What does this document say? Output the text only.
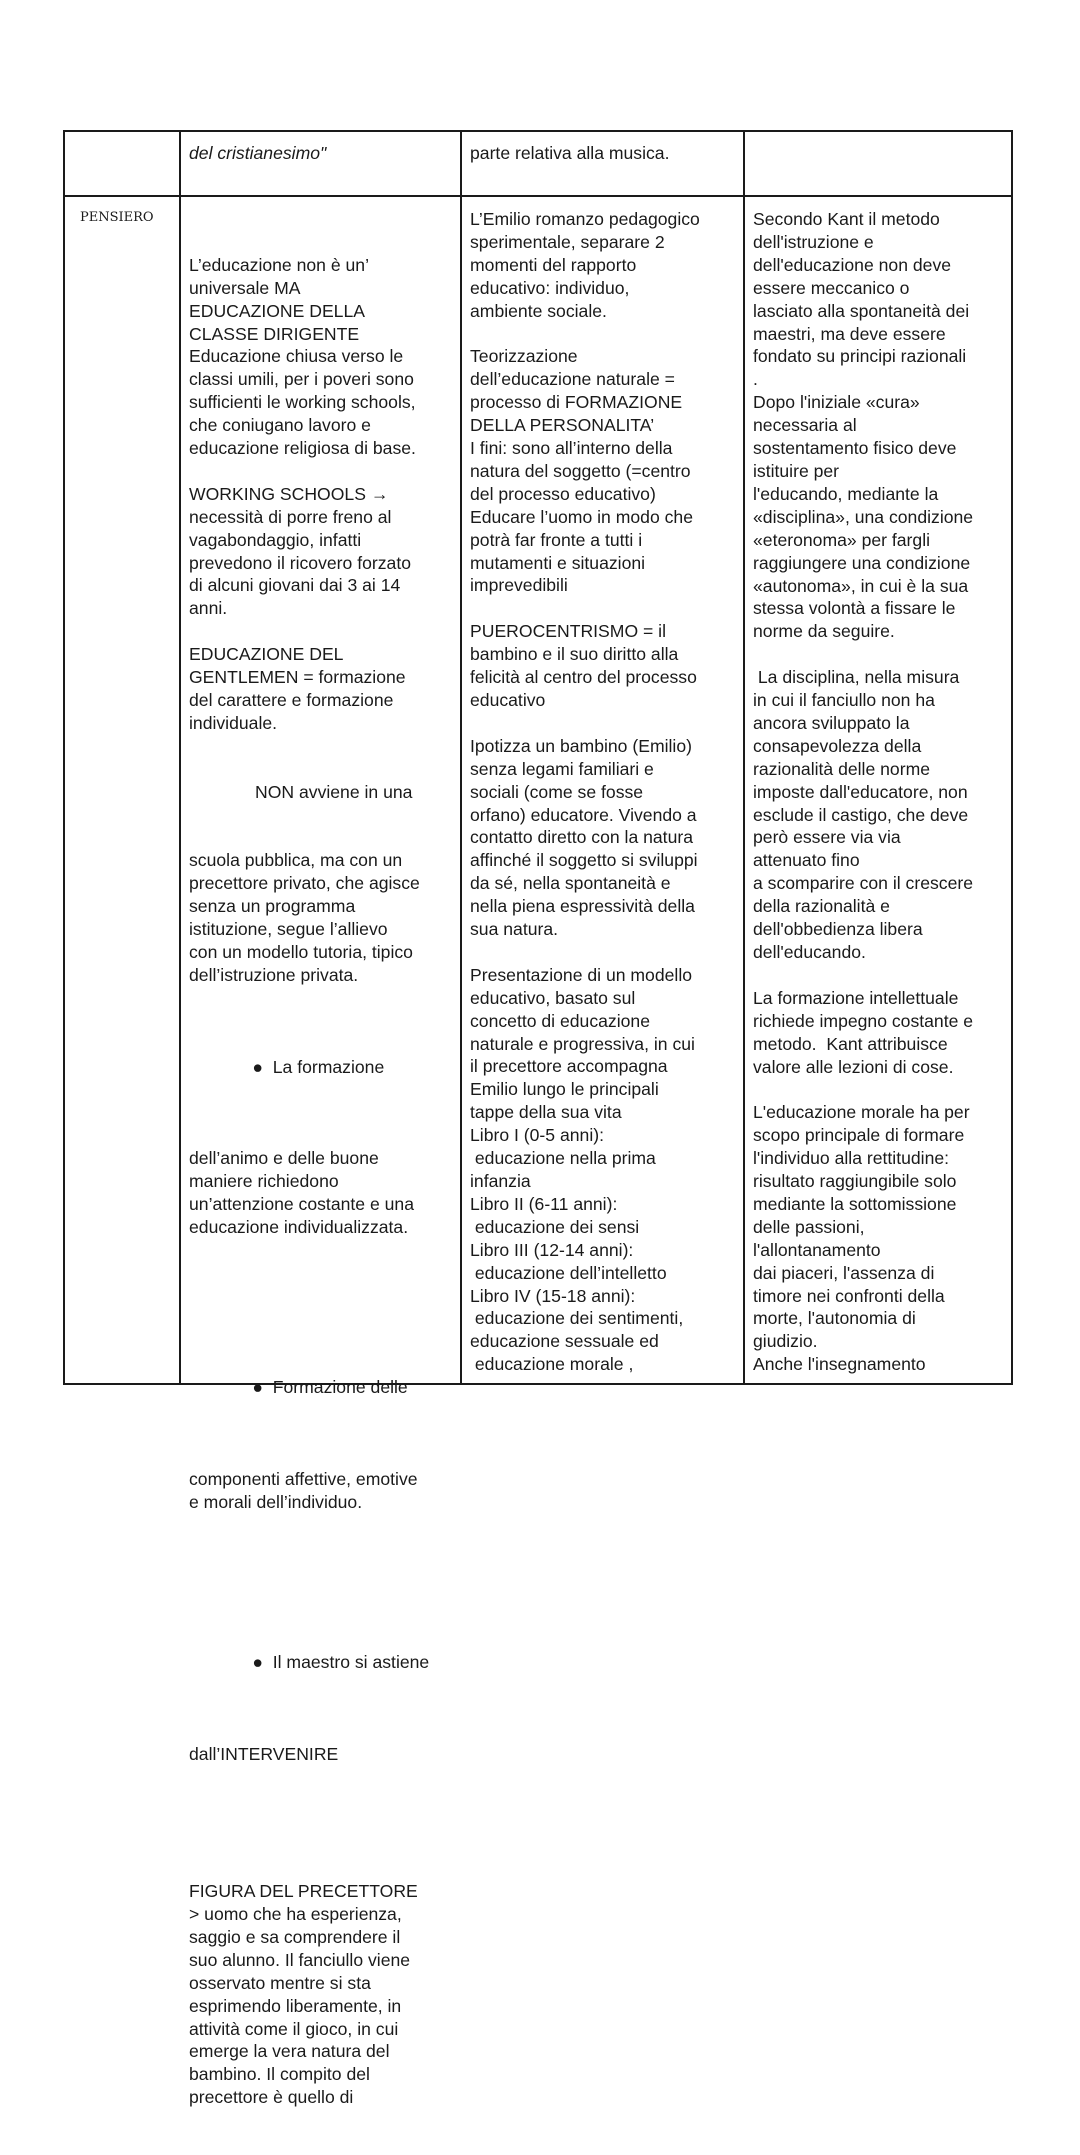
del cristianesimo"	parte relativa alla musica.
PENSIERO

L’educazione non è un’
universale MA
EDUCAZIONE DELLA
CLASSE DIRIGENTE
Educazione chiusa verso le
classi umili, per i poveri sono
sufficienti le working schools,
che coniugano lavoro e
educazione religiosa di base.
WORKING SCHOOLS →
necessità di porre freno al
vagabondaggio, infatti
prevedono il ricovero forzato
di alcuni giovani dai 3 ai 14
anni.
EDUCAZIONE DEL
GENTLEMEN = formazione
del carattere e formazione
individuale.

NON avviene in una

scuola pubblica, ma con un
precettore privato, che agisce
senza un programma
istituzione, segue l’allievo
con un modello tutoria, tipico
dell’istruzione privata.

●  La formazione

dell’animo e delle buone
maniere richiedono
un’attenzione costante e una
educazione individualizzata.

●  Formazione delle

componenti affettive, emotive
e morali dell’individuo.

●  Il maestro si astiene

dall’INTERVENIRE

FIGURA DEL PRECETTORE
> uomo che ha esperienza,
saggio e sa comprendere il
suo alunno. Il fanciullo viene
osservato mentre si sta
esprimendo liberamente, in
attività come il gioco, in cui
emerge la vera natura del
bambino. Il compito del
precettore è quello di

L’Emilio romanzo pedagogico
sperimentale, separare 2
momenti del rapporto
educativo: individuo,
ambiente sociale.
Teorizzazione
dell’educazione naturale =
processo di FORMAZIONE
DELLA PERSONALITA’
I fini: sono all’interno della
natura del soggetto (=centro
del processo educativo)
Educare l’uomo in modo che
potrà far fronte a tutti i
mutamenti e situazioni
imprevedibili
PUEROCENTRISMO = il
bambino e il suo diritto alla
felicità al centro del processo
educativo
Ipotizza un bambino (Emilio)
senza legami familiari e
sociali (come se fosse
orfano) educatore. Vivendo a
contatto diretto con la natura
affinché il soggetto si sviluppi
da sé, nella spontaneità e
nella piena espressività della
sua natura.
Presentazione di un modello
educativo, basato sul
concetto di educazione
naturale e progressiva, in cui
il precettore accompagna
Emilio lungo le principali
tappe della sua vita
Libro I (0-5 anni):
educazione nella prima
infanzia
Libro II (6-11 anni):
educazione dei sensi
Libro III (12-14 anni):
educazione dell’intelletto
Libro IV (15-18 anni):
educazione dei sentimenti,
educazione sessuale ed
educazione morale ,
Secondo Kant il metodo
dell'istruzione e
dell'educazione non deve
essere meccanico o
lasciato alla spontaneità dei
maestri, ma deve essere
fondato su principi razionali
.
Dopo l'iniziale «cura»
necessaria al
sostentamento fisico deve
istituire per
l'educando, mediante la
«disciplina», una condizione
«eteronoma» per fargli
raggiungere una condizione
«autonoma», in cui è la sua
stessa volontà a fissare le
norme da seguire.
La disciplina, nella misura
in cui il fanciullo non ha
ancora sviluppato la
consapevolezza della
razionalità delle norme
imposte dall'educatore, non
esclude il castigo, che deve
però essere via via
attenuato fino
a scomparire con il crescere
della razionalità e
dell'obbedienza libera
dell'educando.
La formazione intellettuale
richiede impegno costante e
metodo.  Kant attribuisce
valore alle lezioni di cose.
L'educazione morale ha per
scopo principale di formare
l'individuo alla rettitudine:
risultato raggiungibile solo
mediante la sottomissione
delle passioni,
l'allontanamento
dai piaceri, l'assenza di
timore nei confronti della
morte, l'autonomia di
giudizio.
Anche l'insegnamento
